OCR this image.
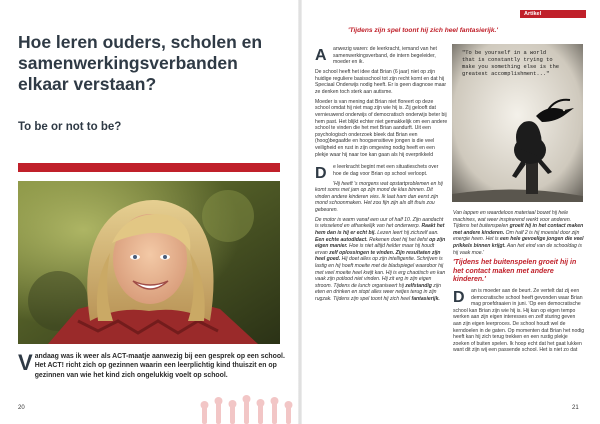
Hoe leren ouders, scholen en samenwerkingsverbanden elkaar verstaan?
To be or not to be?

Vandaag was ik weer als ACT-maatje aanwezig bij een gesprek op een school. Het ACT! richt zich op gezinnen waarin een leerplichtig kind thuiszit en op gezinnen van wie het kind zich ongelukkig voelt op school.

20
Artikel
'Tijdens zijn spel toont hij zich heel fantasierijk.'

A	anwezig waren: de leerkracht, iemand van het samenwerkingsverband, de intern begeleider, moeder en ik.

De school heeft het idee dat Brian (6 jaar) niet op zijn huidige reguliere basisschool tot zijn recht komt en dat hij Speciaal Onderwijs nodig heeft. Er is geen diagnose maar ze denken toch sterk aan autisme.

Moeder is van mening dat Brian niet floreert op deze school omdat hij niet mag zijn wie hij is. Zij gelooft dat vernieuwend onderwijs of democratisch onderwijs beter bij hem past. Het blijkt echter niet gemakkelijk om een andere school te vinden die het met Brian aandurft. Uit een psychologisch onderzoek bleek dat Brian een (hoog)begaafde en hoogsensitieve jongen is die veel veiligheid en rust in zijn omgeving nodig heeft en een plekje waar hij naar toe kan gaan als hij overprikkeld

D	e leerkracht begint met een situatieschets over hoe de dag voor Brian op school verloopt.

'Hij heeft 's morgens wat opstartproblemen en hij komt soms met jam op zijn mond de klas binnen. Dit vinden andere kinderen vies. Ik laat ham dan eerst zijn mond schoonmaken. Het zou fijn zijn als dit thuis zou gebeuren.

De motor is warm vanaf een uur of half 10. Zijn aandacht is wisselend en afhankelijk van het onderwerp. Raakt het hem dan is hij er echt bij. Lezen leert hij zichzelf aan. Een echte autodidact. Rekenen doet hij het liefst op zijn eigen manier. Hoe is niet altijd helder maar hij houdt ervan zelf oplossingen te vinden. Zijn resultaten zijn heel goed. Hij doet alles op zijn intelligentie. Schrijven is lastig en hij hoeft moeite met de bladspiegel waardoor hij met veel moeite heel kwijt kan. Hij is erg chaotisch en kan vaak zijn potlood niet vinden. Hij zit erg in zijn eigen stroom. Tijdens de lunch organiseert hij zelfstandig zijn eten en drinken en stopt alles weer netjes terug in zijn rugzak. Tijdens zijn spel toont hij zich heel fantasierijk.

"To be yourself in a world that is constantly trying to make you something else is the greatest accomplishment..."

Van lappen en waardeloos materiaal bouwt hij hele machines, wat weer inspirerend werkt voor anderen. Tijdens het buitenspelen groeit hij in het contact maken met andere kinderen. Om half 2 is hij moestal door zijn energie heen. Het is een hele gevoelige jongen die veel prikkels binnen krijgt. Aan het eind van de schooldag is hij vaak moe.'

'Tijdens het buitenspelen groeit hij in het contact maken met andere kinderen.'

D	an is moeder aan de beurt. Ze vertelt dat zij een democratische school heeft gevonden waar Brian mag proefdraaien in juni. 'Op een democratische school kan Brian zijn wie hij is. Hij kan op eigen tempo werken aan zijn eigen interesses en zelf sturing geven aan zijn eigen leerproces. De school houdt wel de kerndoelen in de gaten. Op momenten dat Brian het nodig heeft kan hij zich terug trekken en een rustig plekje zoeken of buiten spelen. Ik hoop echt dat het gaat lukken want dit zijn wij een passende school. Het is niet zo dat

21
